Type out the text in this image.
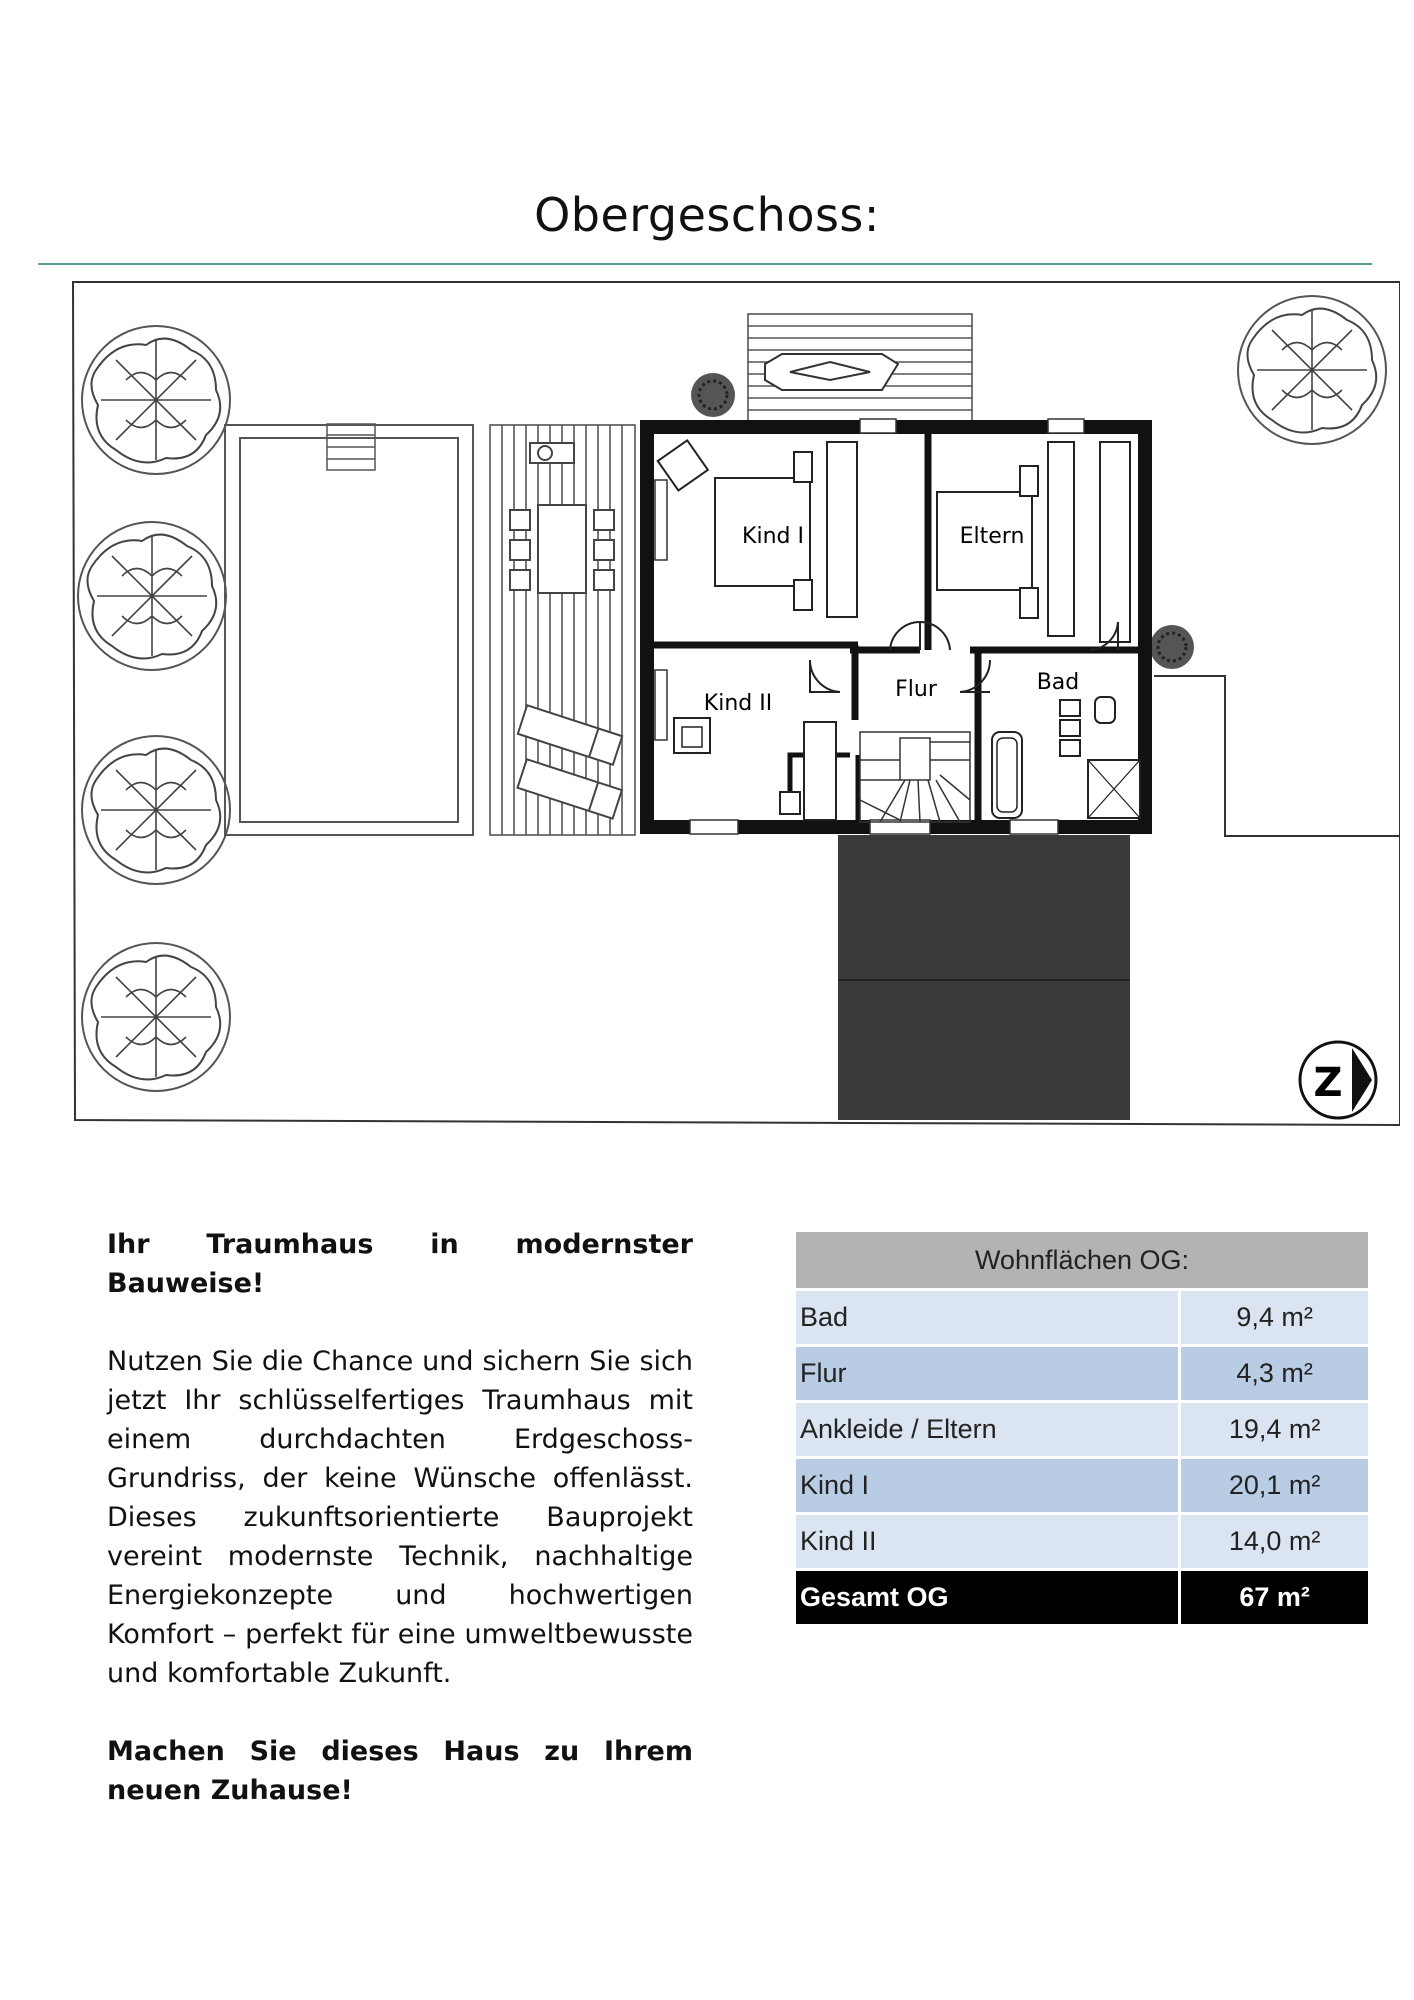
Obergeschoss:
Kind I	Eltern
Kind II
Flur	Bad
Z

Ihr Traumhaus in modernster Bauweise!

Nutzen Sie die Chance und sichern Sie sich jetzt Ihr schlüsselfertiges Traumhaus mit einem durchdachten Erdgeschoss-Grundriss, der keine Wünsche offenlässt. Dieses zukunftsorientierte Bauprojekt vereint modernste Technik, nachhaltige Energiekonzepte und hochwertigen Komfort – perfekt für eine umweltbewusste und komfortable Zukunft.

Machen Sie dieses Haus zu Ihrem neuen Zuhause!

Wohnflächen OG:	
Bad	9,4 m²
Flur	4,3 m²
Ankleide / Eltern	19,4 m²
Kind I	20,1 m²
Kind II	14,0 m²
Gesamt OG	67 m²
